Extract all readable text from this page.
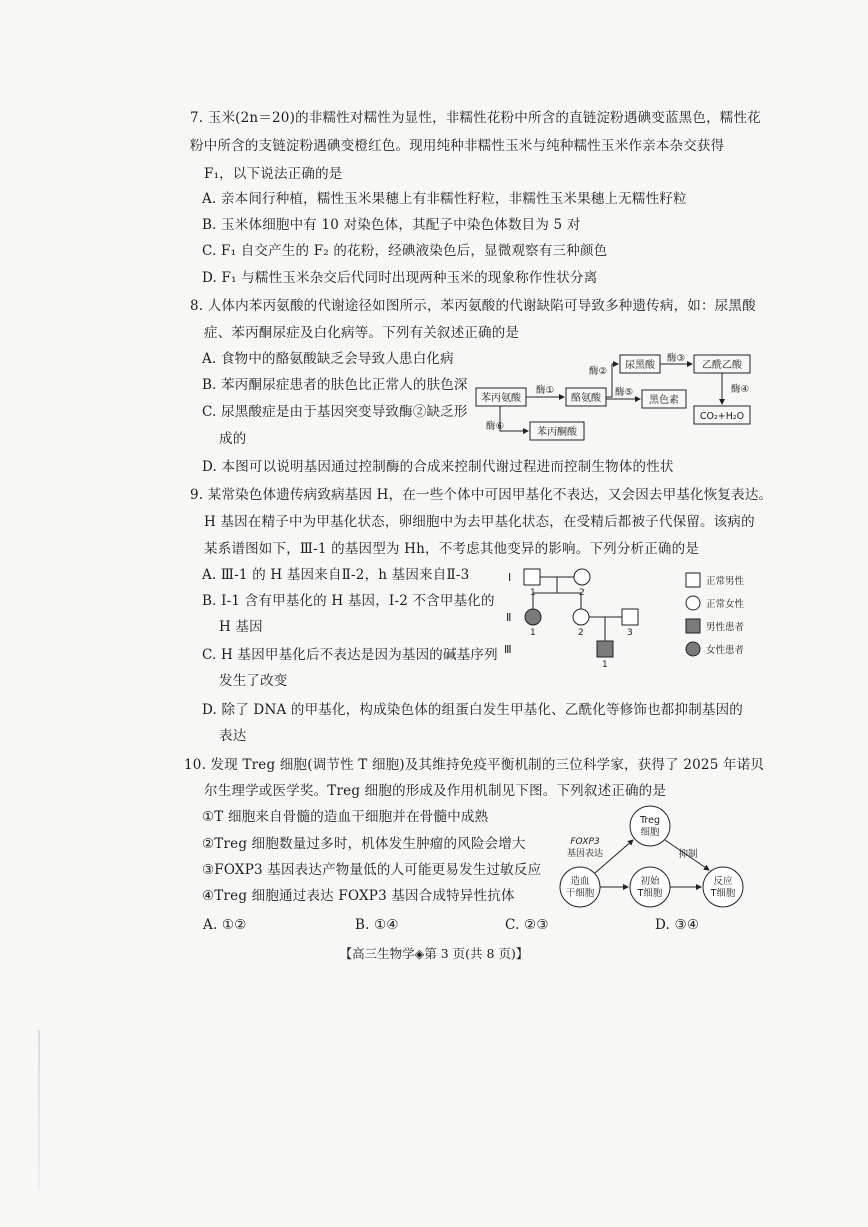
7. 玉米(2n＝20)的非糯性对糯性为显性，非糯性花粉中所含的直链淀粉遇碘变蓝黑色，糯性花
粉中所含的支链淀粉遇碘变橙红色。现用纯种非糯性玉米与纯种糯性玉米作亲本杂交获得
F₁，以下说法正确的是
A. 亲本间行种植，糯性玉米果穗上有非糯性籽粒，非糯性玉米果穗上无糯性籽粒
B. 玉米体细胞中有 10 对染色体，其配子中染色体数目为 5 对
C. F₁ 自交产生的 F₂ 的花粉，经碘液染色后，显微观察有三种颜色
D. F₁ 与糯性玉米杂交后代同时出现两种玉米的现象称作性状分离
8. 人体内苯丙氨酸的代谢途径如图所示，苯丙氨酸的代谢缺陷可导致多种遗传病，如：尿黑酸
症、苯丙酮尿症及白化病等。下列有关叙述正确的是
A. 食物中的酪氨酸缺乏会导致人患白化病
B. 苯丙酮尿症患者的肤色比正常人的肤色深
C. 尿黑酸症是由于基因突变导致酶②缺乏形
成的
D. 本图可以说明基因通过控制酶的合成来控制代谢过程进而控制生物体的性状
苯丙氨酸	酪氨酸
尿黑酸	乙酰乙酸
CO₂+H₂O
黑色素
苯丙酮酸
酶①
酶②
酶③
酶④
酶⑤
酶⑥
9. 某常染色体遗传病致病基因 H，在一些个体中可因甲基化不表达，又会因去甲基化恢复表达。
H 基因在精子中为甲基化状态，卵细胞中为去甲基化状态，在受精后都被子代保留。该病的
某系谱图如下，Ⅲ-1 的基因型为 Hh，不考虑其他变异的影响。下列分析正确的是
A. Ⅲ-1 的 H 基因来自Ⅱ-2，h 基因来自Ⅱ-3
B. Ⅰ-1 含有甲基化的 H 基因，Ⅰ-2 不含甲基化的
H 基因
C. H 基因甲基化后不表达是因为基因的碱基序列
发生了改变
D. 除了 DNA 的甲基化，构成染色体的组蛋白发生甲基化、乙酰化等修饰也都抑制基因的
表达
Ⅰ
Ⅱ
Ⅲ
1	2
1	2	3
1
正常男性
正常女性
男性患者
女性患者
10. 发现 Treg 细胞(调节性 T 细胞)及其维持免疫平衡机制的三位科学家，获得了 2025 年诺贝
尔生理学或医学奖。Treg 细胞的形成及作用机制见下图。下列叙述正确的是
①T 细胞来自骨髓的造血干细胞并在骨髓中成熟
②Treg 细胞数量过多时，机体发生肿瘤的风险会增大
③FOXP3 基因表达产物量低的人可能更易发生过敏反应
④Treg 细胞通过表达 FOXP3 基因合成特异性抗体
A. ①②	B. ①④	C. ②③	D. ③④
Treg
细胞
FOXP3
基因表达	抑制
造血
干细胞
初始
T细胞
反应
T细胞
【高三生物学◈第 3 页(共 8 页)】
